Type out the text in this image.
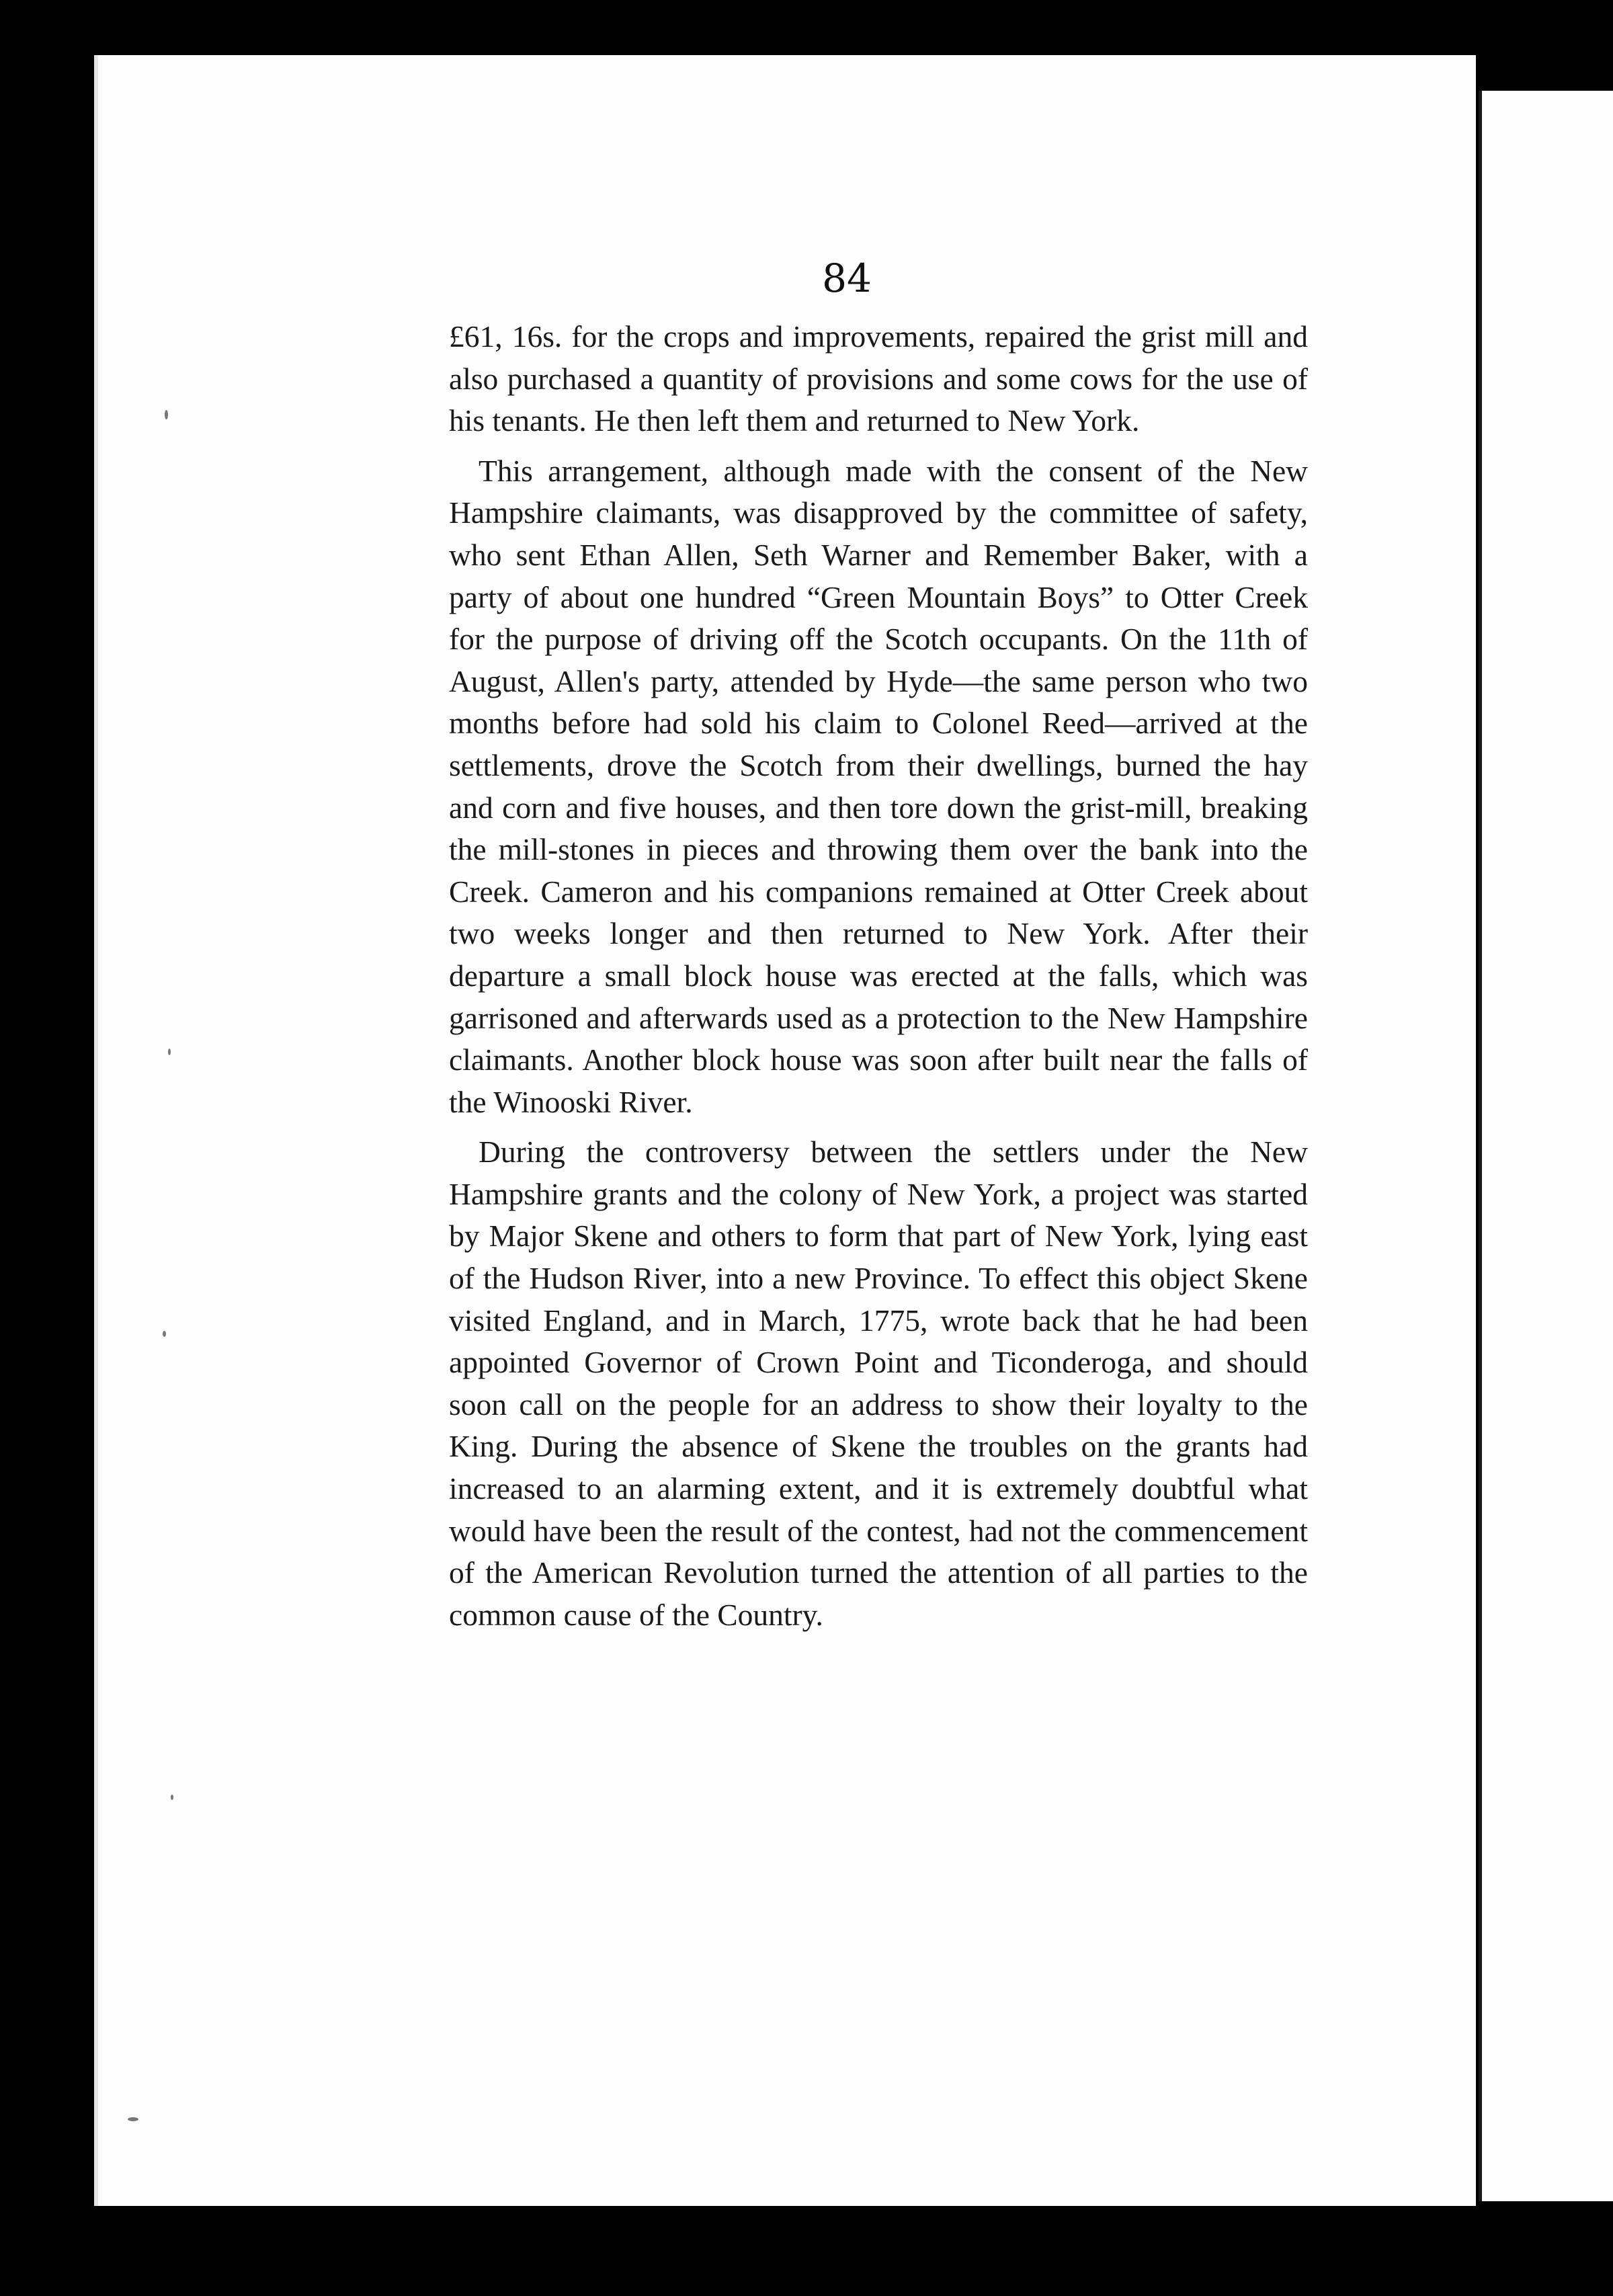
84

£61, 16s. for the crops and improvements, repaired the grist mill and also purchased a quantity of provisions and some cows for the use of his tenants. He then left them and returned to New York.

This arrangement, although made with the consent of the New Hampshire claimants, was disapproved by the committee of safety, who sent Ethan Allen, Seth Warner and Remember Baker, with a party of about one hundred “Green Mountain Boys” to Otter Creek for the purpose of driving off the Scotch occupants. On the 11th of August, Allen's party, attended by Hyde—the same person who two months before had sold his claim to Colonel Reed—arrived at the settlements, drove the Scotch from their dwellings, burned the hay and corn and five houses, and then tore down the grist-mill, breaking the mill-stones in pieces and throwing them over the bank into the Creek. Cameron and his companions remained at Otter Creek about two weeks longer and then returned to New York. After their departure a small block house was erected at the falls, which was garrisoned and afterwards used as a protection to the New Hampshire claimants. Another block house was soon after built near the falls of the Winooski River.

During the controversy between the settlers under the New Hampshire grants and the colony of New York, a project was started by Major Skene and others to form that part of New York, lying east of the Hudson River, into a new Province. To effect this object Skene visited England, and in March, 1775, wrote back that he had been appointed Governor of Crown Point and Ticonderoga, and should soon call on the people for an address to show their loyalty to the King. During the absence of Skene the troubles on the grants had increased to an alarming extent, and it is extremely doubtful what would have been the result of the contest, had not the commencement of the American Revolution turned the attention of all parties to the common cause of the Country.
